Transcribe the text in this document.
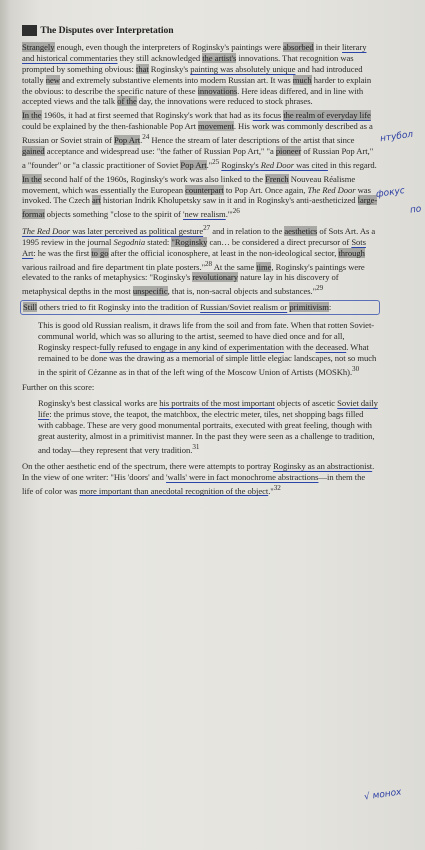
III. The Disputes over Interpretation

Strangely enough, even though the interpreters of Roginsky's paintings were absorbed in their literary and historical commentaries they still acknowledged the artist's innovations. That recognition was prompted by something obvious: that Roginsky's painting was absolutely unique and had introduced totally new and extremely substantive elements into modern Russian art. It was much harder to explain the obvious: to describe the specific nature of these innovations. Here ideas differed, and in line with accepted views and the talk of the day, the innovations were reduced to stock phrases.

In the 1960s, it had at first seemed that Roginsky's work that had as its focus the realm of everyday life could be explained by the then-fashionable Pop Art movement. His work was commonly described as a Russian or Soviet strain of Pop Art.$^{24}$ Hence the stream of later descriptions of the artist that since gained acceptance and widespread use: "the father of Russian Pop Art," "a pioneer of Russian Pop Art," a "founder" or "a classic practitioner of Soviet Pop Art."$^{25}$ Roginsky's Red Door was cited in this regard.

In the second half of the 1960s, Roginsky's work was also linked to the French Nouveau Réalisme movement, which was essentially the European counterpart to Pop Art. Once again, The Red Door was invoked. The Czech art historian Indrik Kholupetsky saw in it and in Roginsky's anti-aestheticized large-format objects something "close to the spirit of 'new realism.'"$^{26}$

The Red Door was later perceived as political gesture$^{27}$ and in relation to the aesthetics of Sots Art. As a 1995 review in the journal Segodnia stated: "Roginsky can… be considered a direct precursor of Sots Art: he was the first to go after the official iconosphere, at least in the non-ideological sector, through various railroad and fire department tin plate posters."$^{28}$ At the same time, Roginsky's paintings were elevated to the ranks of metaphysics: "Roginsky's revolutionary nature lay in his discovery of metaphysical depths in the most unspecific, that is, non-sacral objects and substances."$^{29}$

Still others tried to fit Roginsky into the tradition of Russian/Soviet realism or primitivism:

This is good old Russian realism, it draws life from the soil and from fate. When that rotten Soviet-communal world, which was so alluring to the artist, seemed to have died once and for all, Roginsky respect-fully refused to engage in any kind of experimentation with the deceased. What remained to be done was the drawing as a memorial of simple little elegiac landscapes, not so much in the spirit of Cézanne as in that of the left wing of the Moscow Union of Artists (MOSKh).$^{30}$

Further on this score:

Roginsky's best classical works are his portraits of the most important objects of ascetic Soviet daily life: the primus stove, the teapot, the matchbox, the electric meter, tiles, net shopping bags filled with cabbage. These are very good monumental portraits, executed with great feeling, though with great austerity, almost in a primitivist manner. In the past they were seen as a challenge to tradition, and today—they represent that very tradition.$^{31}$

On the other aesthetic end of the spectrum, there were attempts to portray Roginsky as an abstractionist. In the view of one writer: "His 'doors' and 'walls' were in fact monochrome abstractions—in them the life of color was more important than anecdotal recognition of the object."$^{32}$

нтубол
фокус
по
√ моноx
